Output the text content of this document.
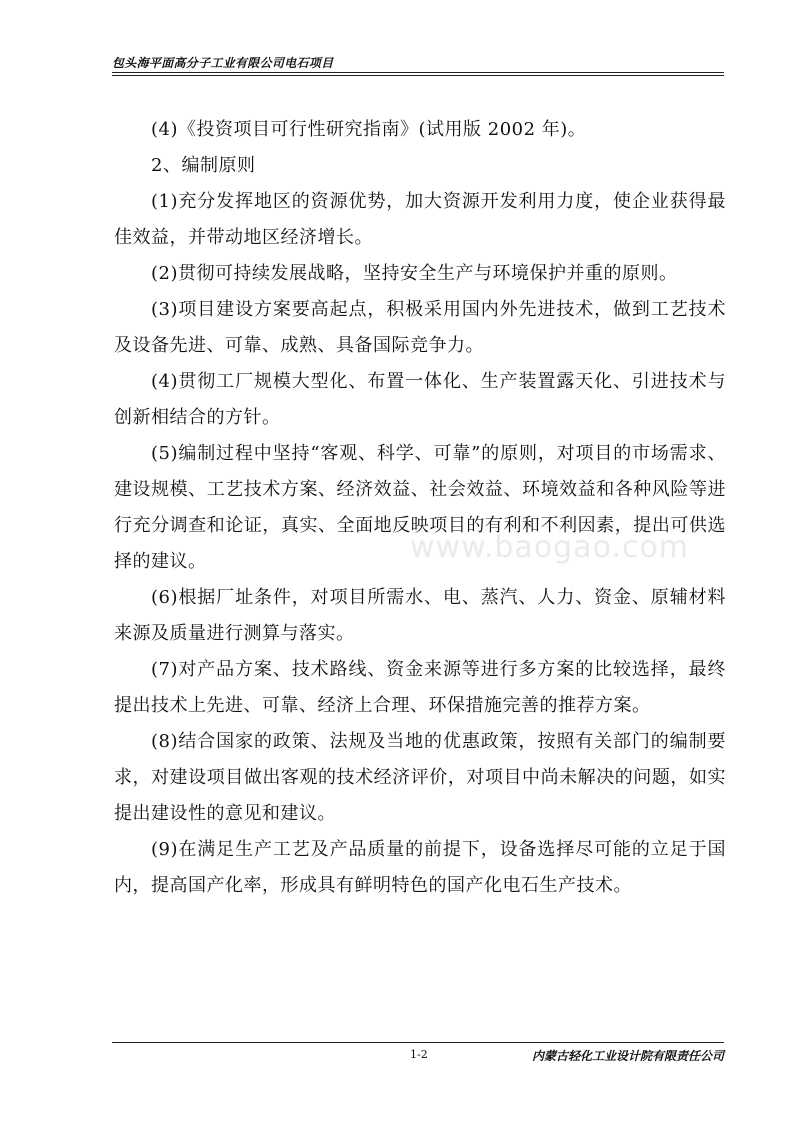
包头海平面高分子工业有限公司电石项目

(4)《投资项目可行性研究指南》(试用版 2002 年)。

2、编制原则

(1)充分发挥地区的资源优势，加大资源开发利用力度，使企业获得最佳效益，并带动地区经济增长。

(2)贯彻可持续发展战略，坚持安全生产与环境保护并重的原则。

(3)项目建设方案要高起点，积极采用国内外先进技术，做到工艺技术及设备先进、可靠、成熟、具备国际竞争力。

(4)贯彻工厂规模大型化、布置一体化、生产装置露天化、引进技术与创新相结合的方针。

(5)编制过程中坚持“客观、科学、可靠”的原则，对项目的市场需求、建设规模、工艺技术方案、经济效益、社会效益、环境效益和各种风险等进行充分调查和论证，真实、全面地反映项目的有利和不利因素，提出可供选择的建议。

(6)根据厂址条件，对项目所需水、电、蒸汽、人力、资金、原辅材料来源及质量进行测算与落实。

(7)对产品方案、技术路线、资金来源等进行多方案的比较选择，最终提出技术上先进、可靠、经济上合理、环保措施完善的推荐方案。

(8)结合国家的政策、法规及当地的优惠政策，按照有关部门的编制要求，对建设项目做出客观的技术经济评价，对项目中尚未解决的问题，如实提出建设性的意见和建议。

(9)在满足生产工艺及产品质量的前提下，设备选择尽可能的立足于国内，提高国产化率，形成具有鲜明特色的国产化电石生产技术。

www.baogao.com
1-2	内蒙古轻化工业设计院有限责任公司
